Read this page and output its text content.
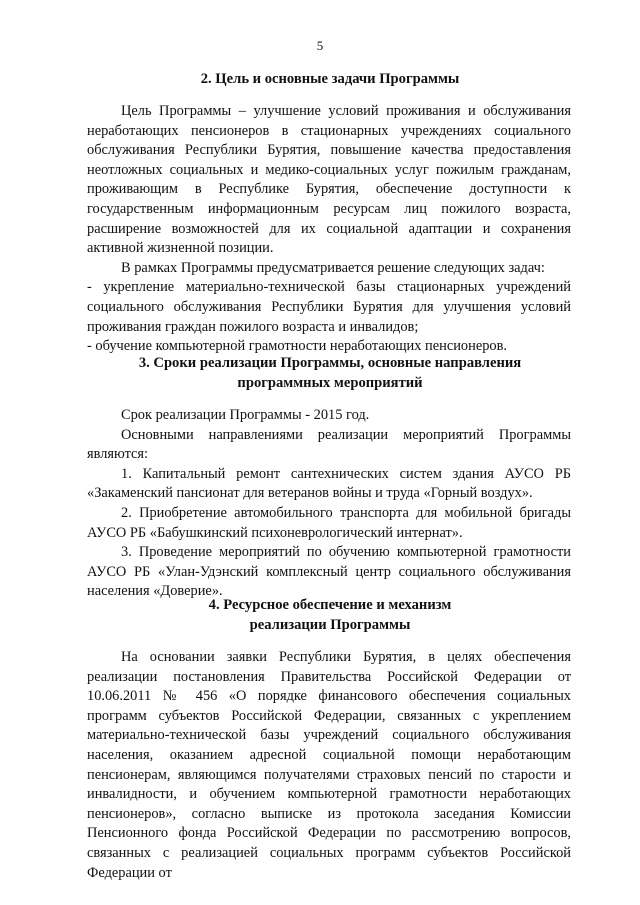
5
2. Цель и основные задачи Программы

Цель Программы – улучшение условий проживания и обслуживания неработающих пенсионеров в стационарных учреждениях социального обслуживания Республики Бурятия, повышение качества предоставления неотложных социальных и медико-социальных услуг пожилым гражданам, проживающим в Республике Бурятия, обеспечение доступности к государственным информационным ресурсам лиц пожилого возраста, расширение возможностей для их социальной адаптации и сохранения активной жизненной позиции.

В рамках Программы предусматривается решение следующих задач:

- укрепление материально-технической базы стационарных учреждений социального обслуживания Республики Бурятия для улучшения условий проживания граждан пожилого возраста и инвалидов;

- обучение компьютерной грамотности неработающих пенсионеров.

3. Сроки реализации Программы, основные направления
программных мероприятий

Срок реализации Программы - 2015 год.

Основными направлениями реализации мероприятий Программы являются:

1. Капитальный ремонт сантехнических систем здания АУСО РБ «Закаменский пансионат для ветеранов войны и труда «Горный воздух».

2. Приобретение автомобильного транспорта для мобильной бригады АУСО РБ «Бабушкинский психоневрологический интернат».

3. Проведение мероприятий по обучению компьютерной грамотности АУСО РБ «Улан-Удэнский комплексный центр социального обслуживания населения «Доверие».

4. Ресурсное обеспечение и механизм
реализации Программы

На основании заявки Республики Бурятия, в целях обеспечения реализации постановления Правительства Российской Федерации от 10.06.2011 № 456 «О порядке финансового обеспечения социальных программ субъектов Российской Федерации, связанных с укреплением материально-технической базы учреждений социального обслуживания населения, оказанием адресной социальной помощи неработающим пенсионерам, являющимся получателями страховых пенсий по старости и инвалидности, и обучением компьютерной грамотности неработающих пенсионеров», согласно выписке из протокола заседания Комиссии Пенсионного фонда Российской Федерации по рассмотрению вопросов, связанных с реализацией социальных программ субъектов Российской Федерации от
